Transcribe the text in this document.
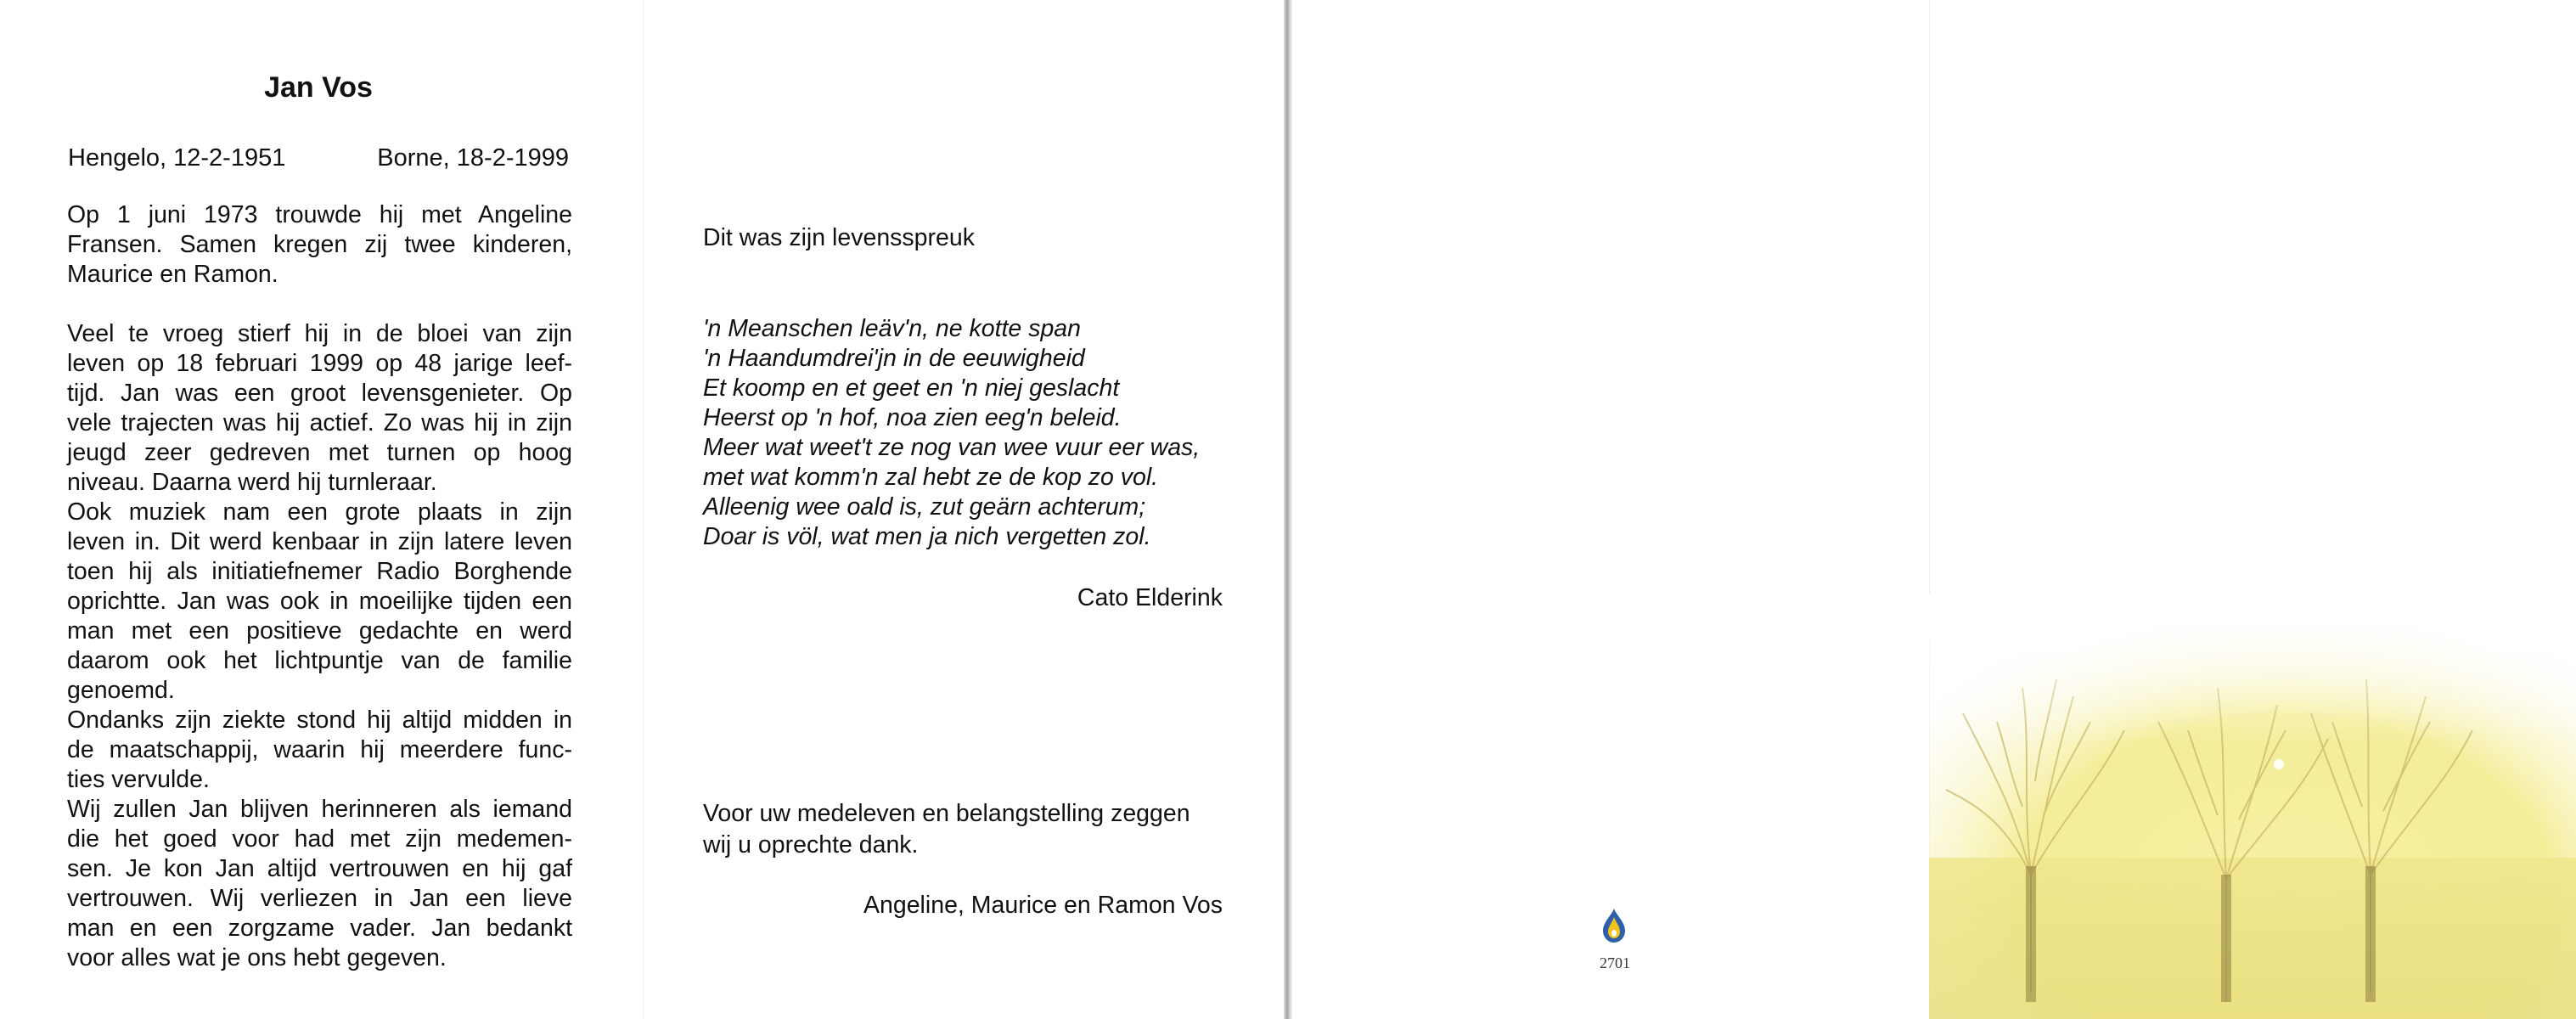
Jan Vos
Hengelo, 12-2-1951	Borne, 18-2-1999

Op 1 juni 1973 trouwde hij met Angeline
Fransen. Samen kregen zij twee kinderen,
Maurice en Ramon.

Veel te vroeg stierf hij in de bloei van zijn
leven op 18 februari 1999 op 48 jarige leef-
tijd. Jan was een groot levensgenieter. Op
vele trajecten was hij actief. Zo was hij in zijn
jeugd zeer gedreven met turnen op hoog
niveau. Daarna werd hij turnleraar.

Ook muziek nam een grote plaats in zijn
leven in. Dit werd kenbaar in zijn latere leven
toen hij als initiatiefnemer Radio Borghende
oprichtte. Jan was ook in moeilijke tijden een
man met een positieve gedachte en werd
daarom ook het lichtpuntje van de familie
genoemd.

Ondanks zijn ziekte stond hij altijd midden in
de maatschappij, waarin hij meerdere func-
ties vervulde.

Wij zullen Jan blijven herinneren als iemand
die het goed voor had met zijn medemen-
sen. Je kon Jan altijd vertrouwen en hij gaf
vertrouwen. Wij verliezen in Jan een lieve
man en een zorgzame vader. Jan bedankt
voor alles wat je ons hebt gegeven.

Dit was zijn levensspreuk
'n Meanschen leäv'n, ne kotte span
'n Haandumdrei'jn in de eeuwigheid
Et koomp en et geet en 'n niej geslacht
Heerst op 'n hof, noa zien eeg'n beleid.
Meer wat weet't ze nog van wee vuur eer was,
met wat komm'n zal hebt ze de kop zo vol.
Alleenig wee oald is, zut geärn achterum;
Doar is völ, wat men ja nich vergetten zol.
Cato Elderink
Voor uw medeleven en belangstelling zeggen
wij u oprechte dank.
Angeline, Maurice en Ramon Vos
2701
